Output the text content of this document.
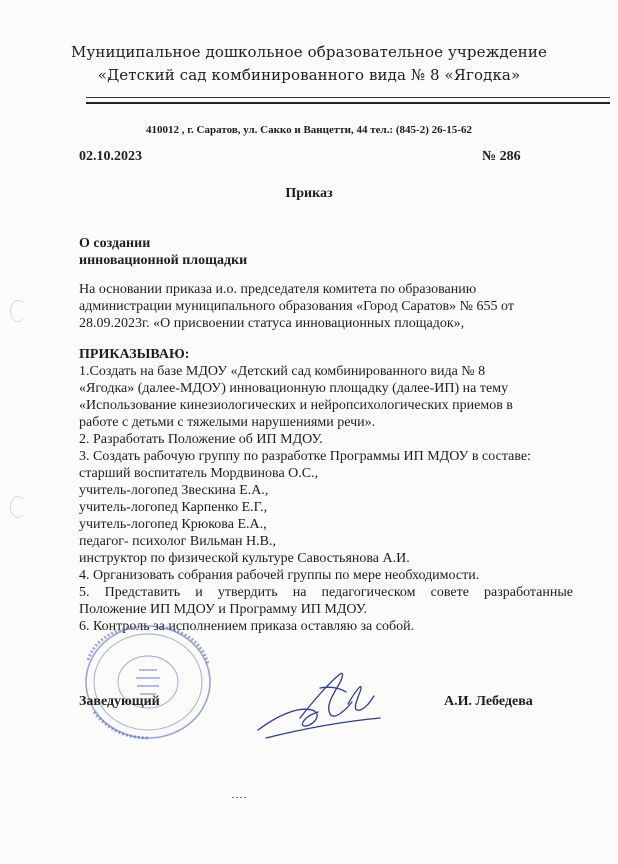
Муниципальное дошкольное образовательное учреждение
«Детский сад комбинированного вида № 8 «Ягодка»
410012 , г. Саратов, ул. Сакко и Ванцетти, 44 тел.: (845-2) 26-15-62
02.10.2023	№ 286
Приказ
О создании
инновационной площадки
На основании приказа и.о. председателя комитета по образованию
администрации муниципального образования «Город Саратов» № 655 от
28.09.2023г. «О присвоении статуса инновационных площадок»,
ПРИКАЗЫВАЮ:
1.Создать на базе МДОУ «Детский сад комбинированного вида № 8
«Ягодка» (далее-МДОУ) инновационную площадку (далее-ИП) на тему
«Использование кинезиологических и нейропсихологических приемов в
работе с детьми с тяжелыми нарушениями речи».
2. Разработать Положение об ИП МДОУ.
3. Создать рабочую группу по разработке Программы ИП МДОУ в составе:
старший воспитатель Мордвинова О.С.,
учитель-логопед Звескина Е.А.,
учитель-логопед Карпенко Е.Г.,
учитель-логопед Крюкова Е.А.,
педагог- психолог Вильман Н.В.,
инструктор по физической культуре Савостьянова А.И.
4. Организовать собрания рабочей группы по мере необходимости.
5. Представить и утвердить на педагогическом совете разработанные
Положение ИП МДОУ и Программу ИП МДОУ.
6. Контроль за исполнением приказа оставляю за собой.
Заведующий	А.И. Лебедева
